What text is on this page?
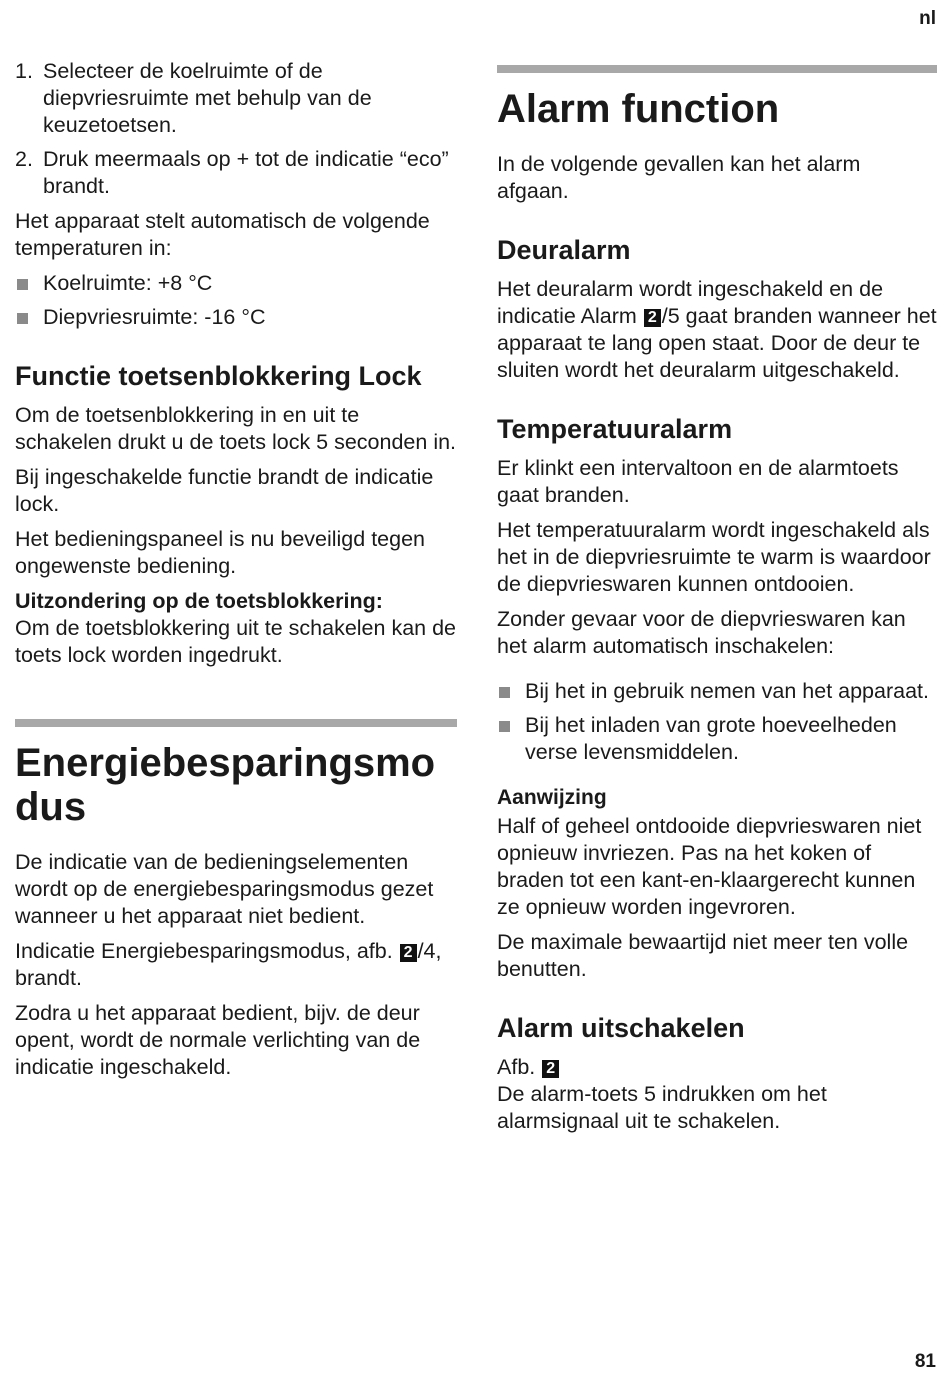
nl
1. Selecteer de koelruimte of de diepvriesruimte met behulp van de keuzetoetsen.
2. Druk meermaals op + tot de indicatie “eco” brandt.

Het apparaat stelt automatisch de volgende temperaturen in:

Koelruimte: +8 °C
Diepvriesruimte: -16 °C
Functie toetsenblokkering Lock

Om de toetsenblokkering in en uit te schakelen drukt u de toets lock 5 seconden in.

Bij ingeschakelde functie brandt de indicatie lock.

Het bedieningspaneel is nu beveiligd tegen ongewenste bediening.

Uitzondering op de toetsblokkering:
Om de toetsblokkering uit te schakelen kan de toets lock worden ingedrukt.

Energiebesparingsmodus

De indicatie van de bedieningselementen wordt op de energiebesparingsmodus gezet wanneer u het apparaat niet bedient.

Indicatie Energiebesparingsmodus, afb. 2 /4, brandt.

Zodra u het apparaat bedient, bijv. de deur opent, wordt de normale verlichting van de indicatie ingeschakeld.

Alarm function

In de volgende gevallen kan het alarm afgaan.

Deuralarm

Het deuralarm wordt ingeschakeld en de indicatie Alarm 2 /5 gaat branden wanneer het apparaat te lang open staat. Door de deur te sluiten wordt het deuralarm uitgeschakeld.

Temperatuuralarm

Er klinkt een intervaltoon en de alarmtoets gaat branden.

Het temperatuuralarm wordt ingeschakeld als het in de diepvriesruimte te warm is waardoor de diepvrieswaren kunnen ontdooien.

Zonder gevaar voor de diepvrieswaren kan het alarm automatisch inschakelen:

Bij het in gebruik nemen van het apparaat.
Bij het inladen van grote hoeveelheden verse levensmiddelen.
Aanwijzing

Half of geheel ontdooide diepvrieswaren niet opnieuw invriezen. Pas na het koken of braden tot een kant-en-klaargerecht kunnen ze opnieuw worden ingevroren.

De maximale bewaartijd niet meer ten volle benutten.

Alarm uitschakelen

Afb. 2
De alarm-toets 5 indrukken om het alarmsignaal uit te schakelen.

81
